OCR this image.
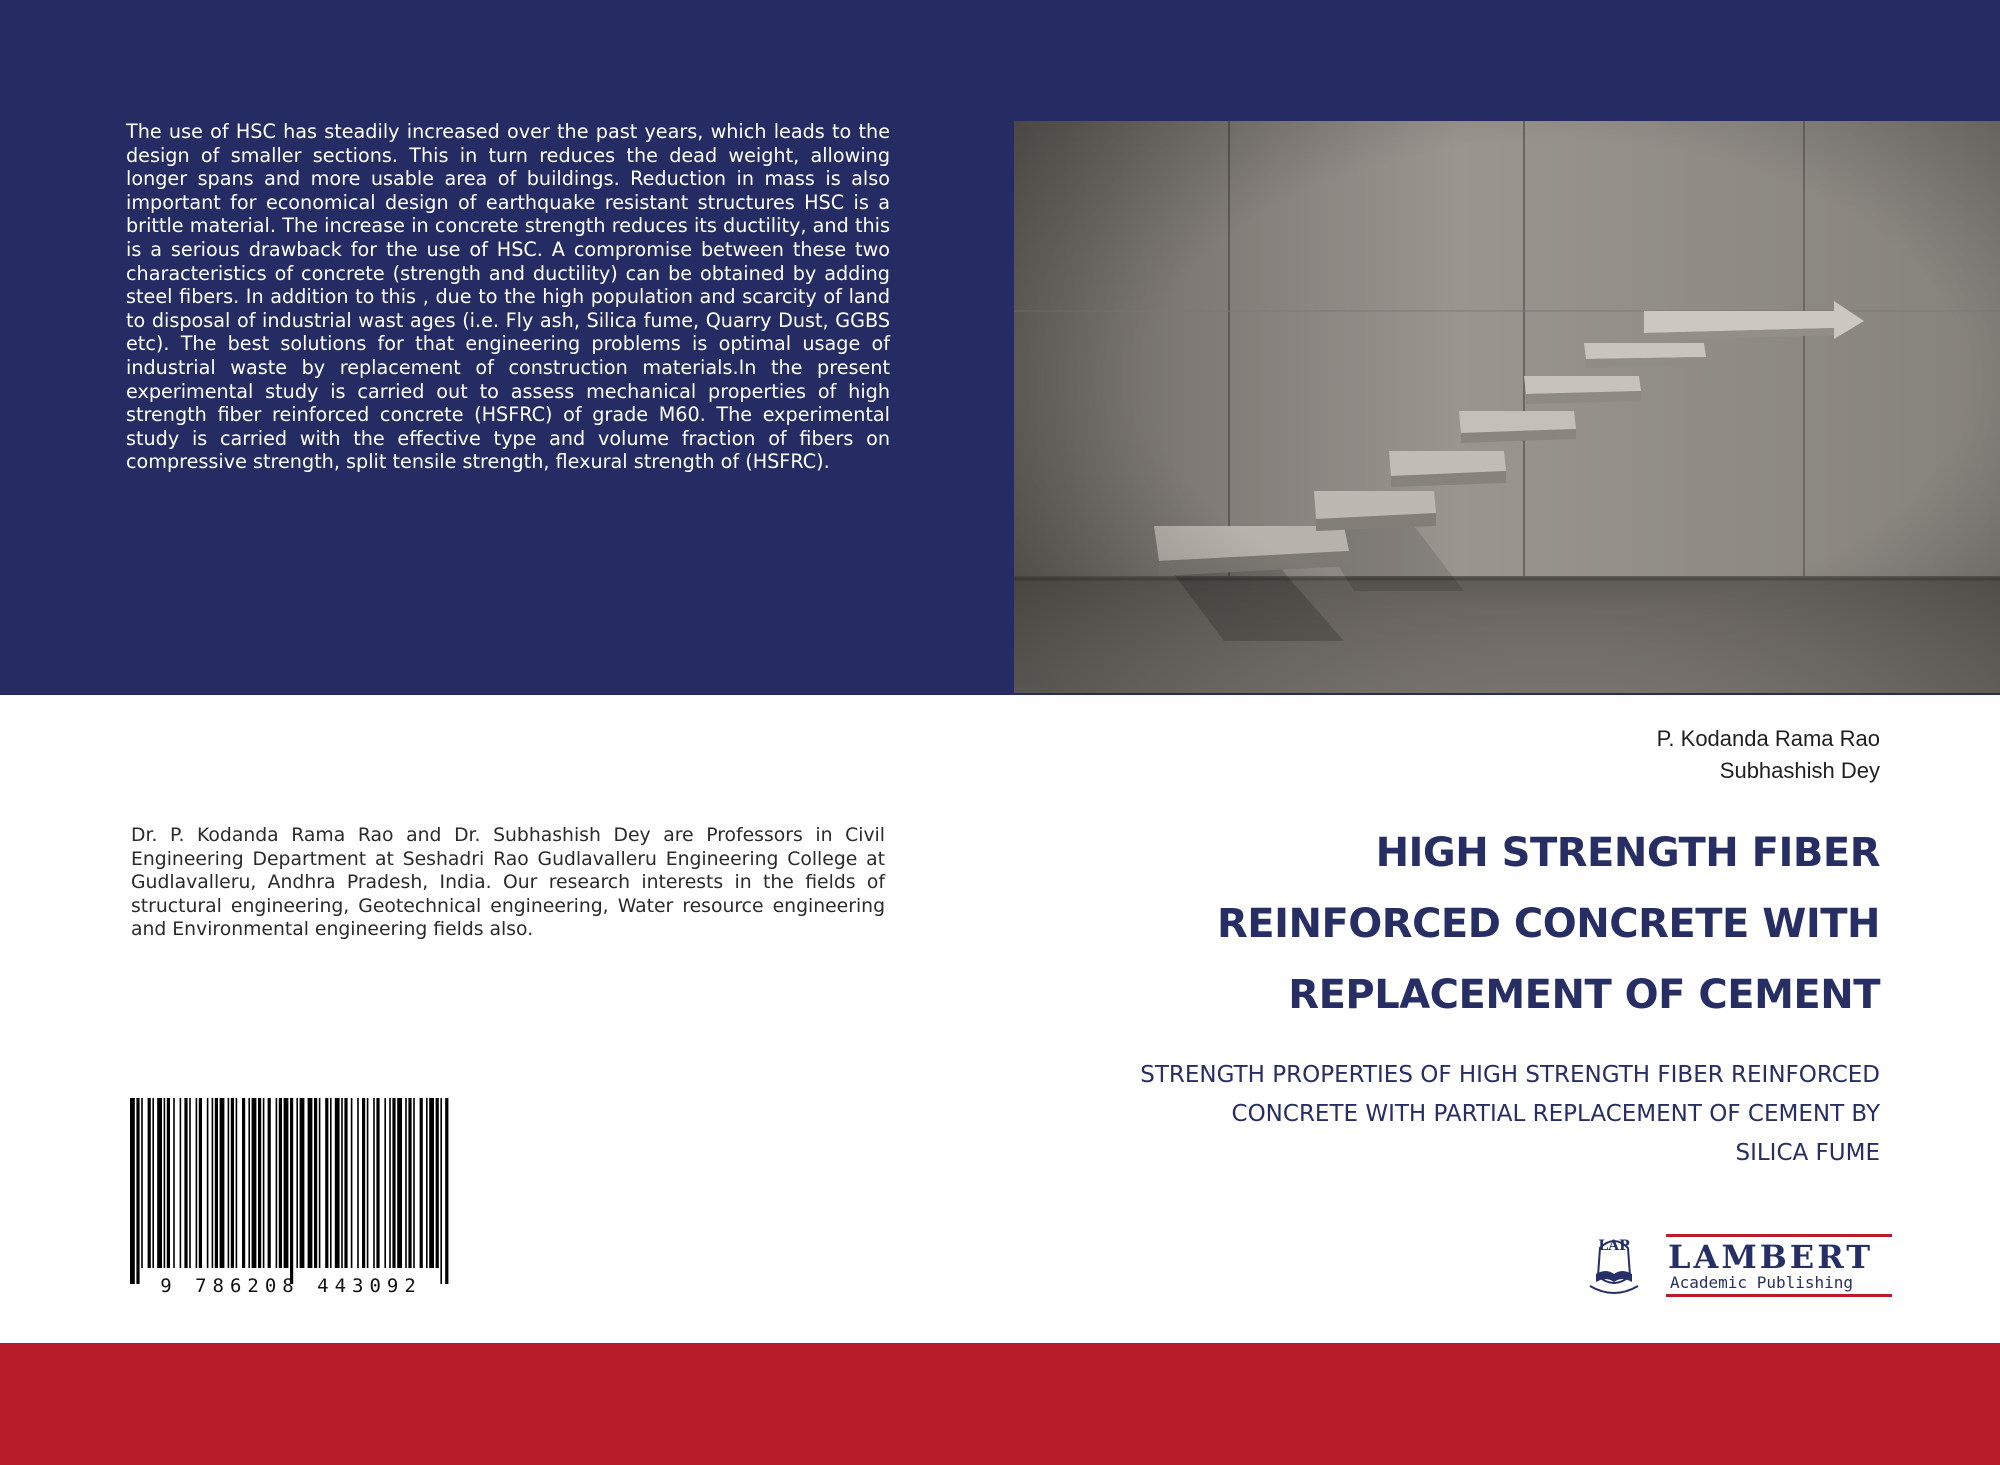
The use of HSC has steadily increased over the past years, which leads to the design of smaller sections. This in turn reduces the dead weight, allowing longer spans and more usable area of buildings. Reduction in mass is also important for economical design of earthquake resistant structures HSC is a brittle material. The increase in concrete strength reduces its ductility, and this is a serious drawback for the use of HSC. A compromise between these two characteristics of concrete (strength and ductility) can be obtained by adding steel fibers. In addition to this , due to the high population and scarcity of land to disposal of industrial wast ages (i.e. Fly ash, Silica fume, Quarry Dust, GGBS etc). The best solutions for that engineering problems is optimal usage of industrial waste by replacement of construction materials.In the present experimental study is carried out to assess mechanical properties of high strength fiber reinforced concrete (HSFRC) of grade M60. The experimental study is carried with the effective type and volume fraction of fibers on compressive strength, split tensile strength, flexural strength of (HSFRC).

P. Kodanda Rama Rao
Subhashish Dey

Dr. P. Kodanda Rama Rao and Dr. Subhashish Dey are Professors in Civil Engineering Department at Seshadri Rao Gudlavalleru Engineering College at Gudlavalleru, Andhra Pradesh, India. Our research interests in the fields of structural engineering, Geotechnical engineering, Water resource engineering and Environmental engineering fields also.

HIGH STRENGTH FIBER
REINFORCED CONCRETE WITH
REPLACEMENT OF CEMENT
STRENGTH PROPERTIES OF HIGH STRENGTH FIBER REINFORCED
CONCRETE WITH PARTIAL REPLACEMENT OF CEMENT BY
SILICA FUME
9 786208 443092
LAP LAMBERT
Academic Publishing
